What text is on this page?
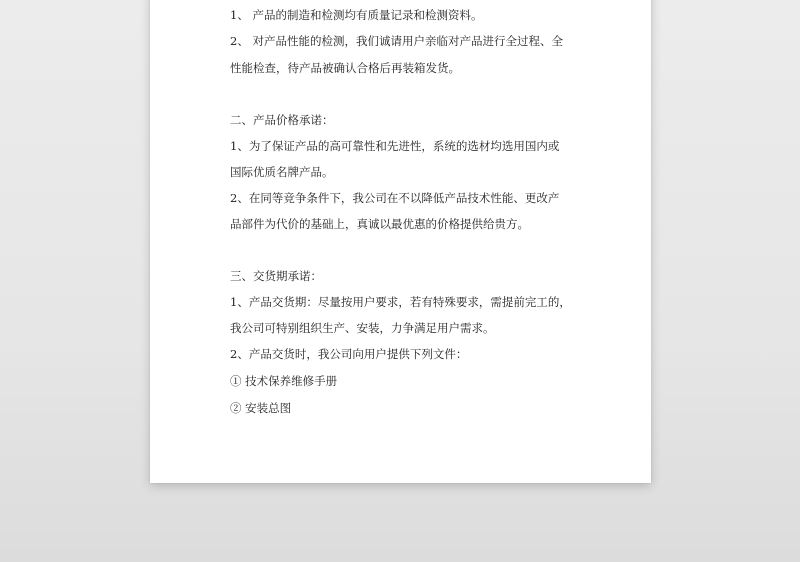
1、 产品的制造和检测均有质量记录和检测资料。
2、 对产品性能的检测，我们诚请用户亲临对产品进行全过程、全
性能检查，待产品被确认合格后再装箱发货。
二、产品价格承诺：
1、为了保证产品的高可靠性和先进性，系统的选材均选用国内或
国际优质名牌产品。
2、在同等竞争条件下，我公司在不以降低产品技术性能、更改产
品部件为代价的基础上，真诚以最优惠的价格提供给贵方。
三、交货期承诺：
1、产品交货期：尽量按用户要求，若有特殊要求，需提前完工的，
我公司可特别组织生产、安装，力争满足用户需求。
2、产品交货时，我公司向用户提供下列文件：
① 技术保养维修手册
② 安装总图
